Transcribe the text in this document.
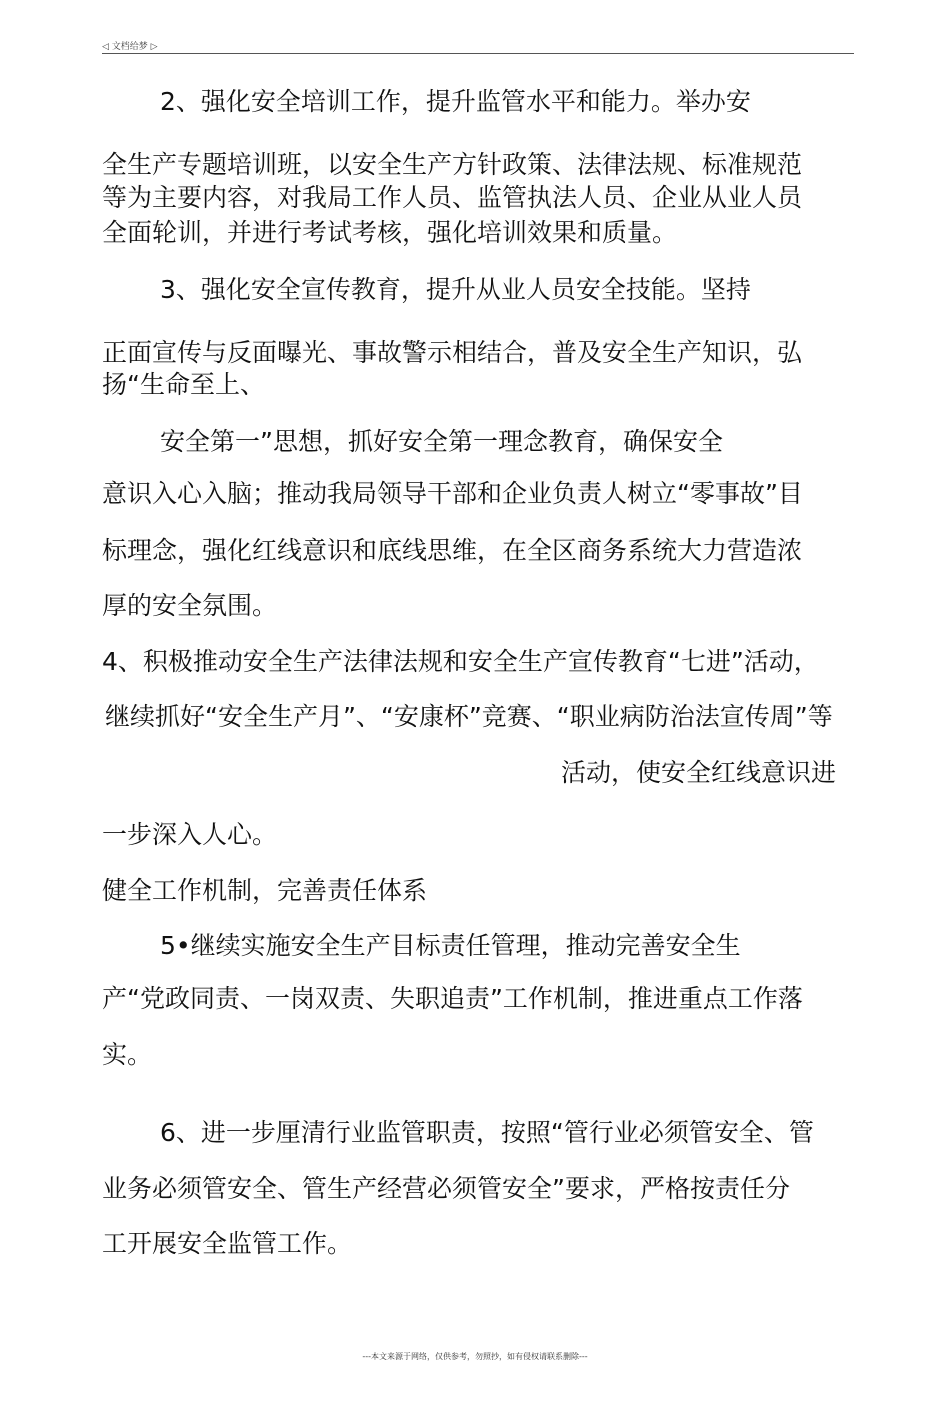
◁ 文档给梦 ▷
2、强化安全培训工作，提升监管水平和能力。举办安
全生产专题培训班，以安全生产方针政策、法律法规、标准规范
等为主要内容，对我局工作人员、监管执法人员、企业从业人员
全面轮训，并进行考试考核，强化培训效果和质量。
3、强化安全宣传教育，提升从业人员安全技能。坚持
正面宣传与反面曝光、事故警示相结合，普及安全生产知识，弘
扬“生命至上、
安全第一”思想，抓好安全第一理念教育，确保安全
意识入心入脑；推动我局领导干部和企业负责人树立“零事故”目
标理念，强化红线意识和底线思维，在全区商务系统大力营造浓
厚的安全氛围。
4、积极推动安全生产法律法规和安全生产宣传教育“七进”活动，
继续抓好“安全生产月”、“安康杯”竞赛、“职业病防治法宣传周”等
活动，使安全红线意识进
一步深入人心。
健全工作机制，完善责任体系
5•继续实施安全生产目标责任管理，推动完善安全生
产“党政同责、一岗双责、失职追责”工作机制，推进重点工作落
实。
6、进一步厘清行业监管职责，按照“管行业必须管安全、管
业务必须管安全、管生产经营必须管安全”要求，严格按责任分
工开展安全监管工作。
---本文来源于网络，仅供参考，勿照抄，如有侵权请联系删除---
